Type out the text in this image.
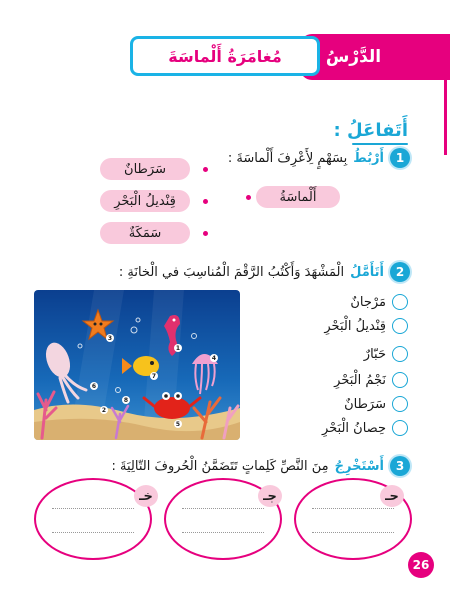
الدَّرْسُ
مُغامَرَةُ أَلْماسَةَ
أَتَفاعَلُ :
1
أَرْبُطُ
بِسَهْمٍ لِأَعْرِفَ أَلْماسَةَ :
أَلْماسَةُ
سَرَطانٌ
قِنْديلُ الْبَحْرِ
سَمَكَةٌ
2
أَتَأَمَّلُ
الْمَشْهَدَ وَأَكْتُبُ الرَّقْمَ الْمُناسِبَ في الْخانَةِ :
1
2
3
4
5
6
7
8
مَرْجانٌ
قِنْديلُ الْبَحْرِ
حَبّارٌ
نَجْمُ الْبَحْرِ
سَرَطانٌ
حِصانُ الْبَحْرِ
3
أَسْتَخْرِجُ
مِنَ النَّصِّ كَلِماتٍ تَتَضَمَّنُ الْحُروفَ التّالِيَةَ :
حـ
جـ
خـ
26
